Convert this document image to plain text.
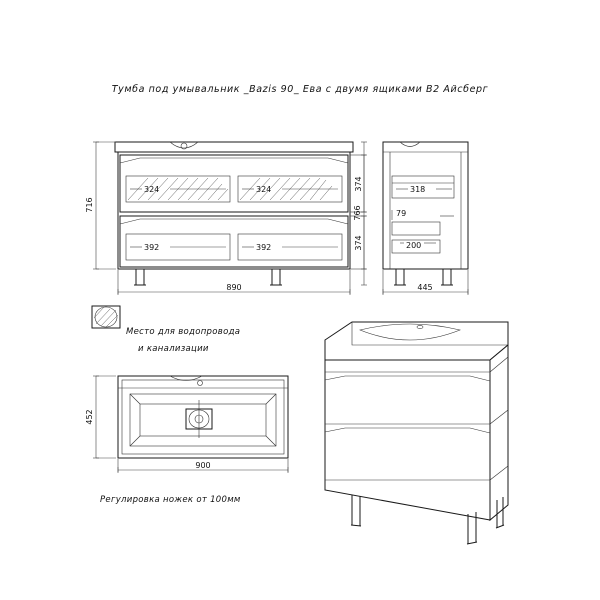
Тумба под умывальник _Bazis 90_ Ева с двумя ящиками В2 Айсберг
324	324
392	392
716
374
374
890
318
79
200
766
445
452
900
Место для водопровода
и канализации
Регулировка ножек от 100мм
